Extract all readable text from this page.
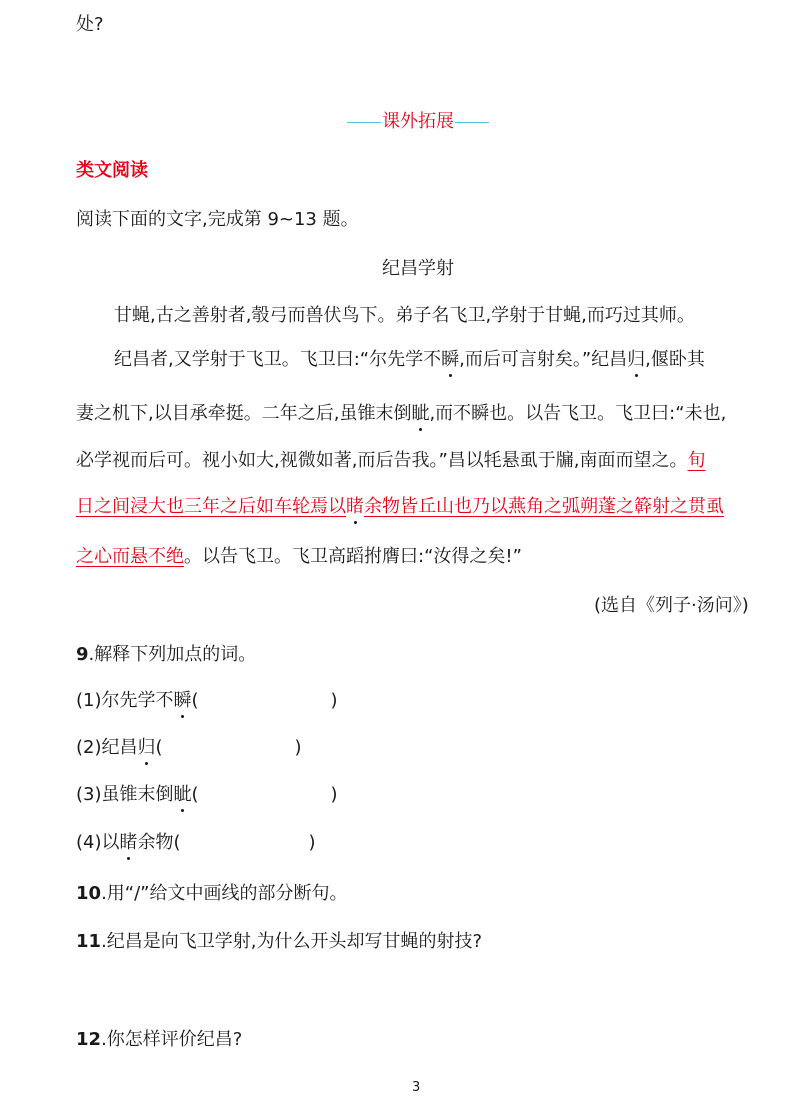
处?
课外拓展
类文阅读
阅读下面的文字,完成第 9~13 题。
纪昌学射
甘蝇,古之善射者,彀弓而兽伏鸟下。弟子名飞卫,学射于甘蝇,而巧过其师。
纪昌者,又学射于飞卫。飞卫曰:“尔先学不瞬,而后可言射矣。”纪昌归,偃卧其
妻之机下,以目承牵挺。二年之后,虽锥末倒眦,而不瞬也。以告飞卫。飞卫曰:“未也,
必学视而后可。视小如大,视微如著,而后告我。”昌以牦悬虱于牖,南面而望之。旬
日之间浸大也三年之后如车轮焉以睹余物皆丘山也乃以燕角之弧朔蓬之簳射之贯虱
之心而悬不绝。以告飞卫。飞卫高蹈拊膺曰:“汝得之矣!”
(选自《列子·汤问》)
9.解释下列加点的词。
(1)尔先学不瞬(	)
(2)纪昌归(	)
(3)虽锥末倒眦(	)
(4)以睹余物(	)
10.用“/”给文中画线的部分断句。
11.纪昌是向飞卫学射,为什么开头却写甘蝇的射技?
12.你怎样评价纪昌?
3
